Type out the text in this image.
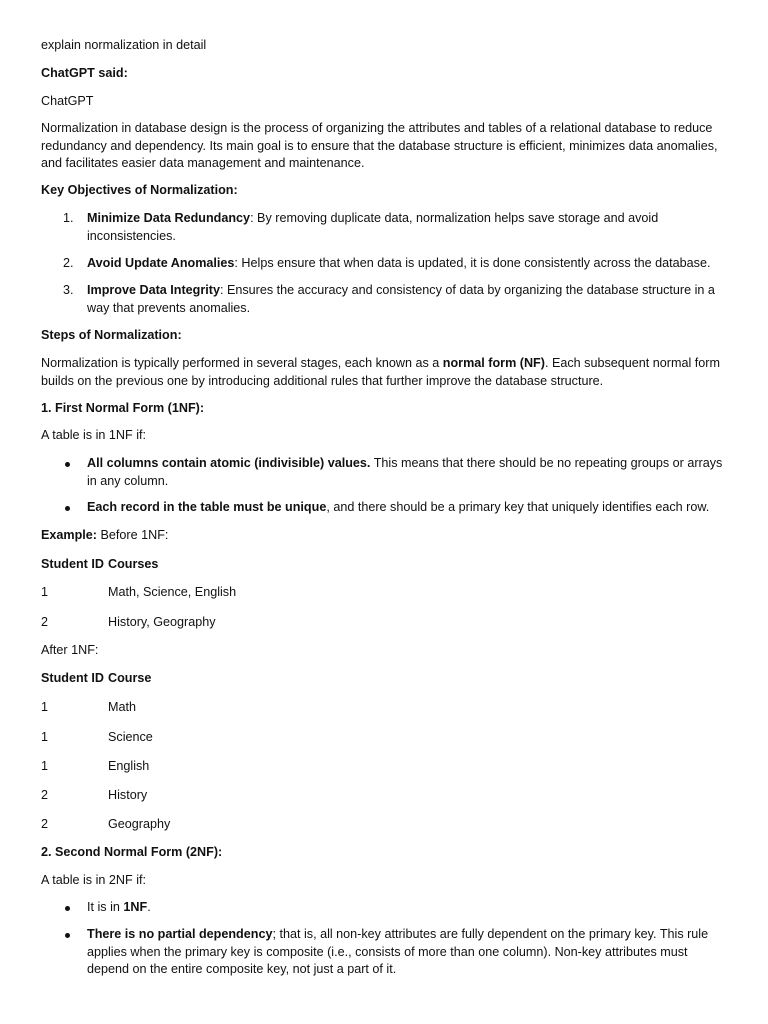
explain normalization in detail

ChatGPT said:

ChatGPT

Normalization in database design is the process of organizing the attributes and tables of a relational database to reduce redundancy and dependency. Its main goal is to ensure that the database structure is efficient, minimizes data anomalies, and facilitates easier data management and maintenance.

Key Objectives of Normalization:

1. Minimize Data Redundancy: By removing duplicate data, normalization helps save storage and avoid inconsistencies.
2. Avoid Update Anomalies: Helps ensure that when data is updated, it is done consistently across the database.
3. Improve Data Integrity: Ensures the accuracy and consistency of data by organizing the database structure in a way that prevents anomalies.

Steps of Normalization:

Normalization is typically performed in several stages, each known as a normal form (NF). Each subsequent normal form builds on the previous one by introducing additional rules that further improve the database structure.

1. First Normal Form (1NF):

A table is in 1NF if:

All columns contain atomic (indivisible) values. This means that there should be no repeating groups or arrays in any column.
Each record in the table must be unique, and there should be a primary key that uniquely identifies each row.

Example: Before 1NF:

Student ID Courses
1	Math, Science, English
2	History, Geography

After 1NF:

Student ID Course
1	Math
1	Science
1	English
2	History
2	Geography

2. Second Normal Form (2NF):

A table is in 2NF if:

It is in 1NF.
There is no partial dependency; that is, all non-key attributes are fully dependent on the primary key. This rule applies when the primary key is composite (i.e., consists of more than one column). Non-key attributes must depend on the entire composite key, not just a part of it.
